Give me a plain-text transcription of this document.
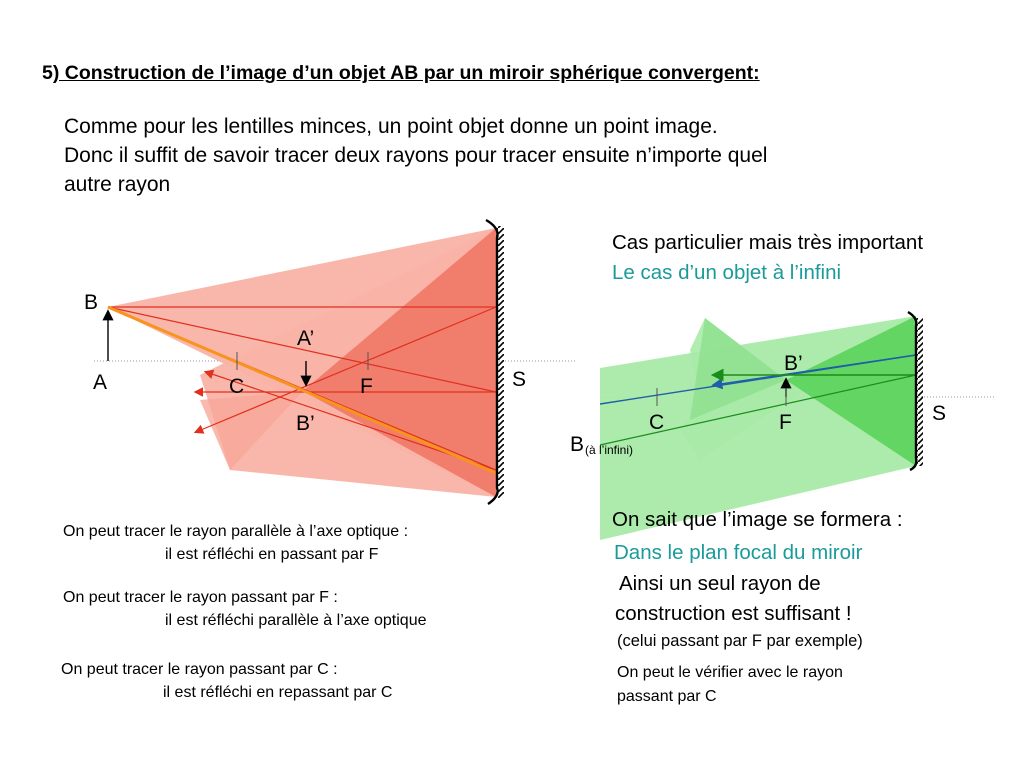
5) Construction de l’image d’un objet AB par un miroir sphérique convergent:
Comme pour les lentilles minces, un point objet donne un point image.
Donc il suffit de savoir tracer deux rayons pour tracer ensuite n’importe quel
autre rayon
B
A
A’
B’
C	F	S
B’
C	F	S
B (à l’infini)
Cas particulier mais très important
Le cas d’un objet à l’infini
On peut tracer le rayon parallèle à l’axe optique :
il est réfléchi en passant par F
On peut tracer le rayon passant par F :
il est réfléchi parallèle à l’axe optique
On peut tracer le rayon passant par C :
il est réfléchi en repassant par C
On sait que l’image se formera :
Dans le plan focal du miroir
Ainsi un seul rayon de
construction est suffisant !
(celui passant par F par exemple)
On peut le vérifier avec le rayon
passant par C
